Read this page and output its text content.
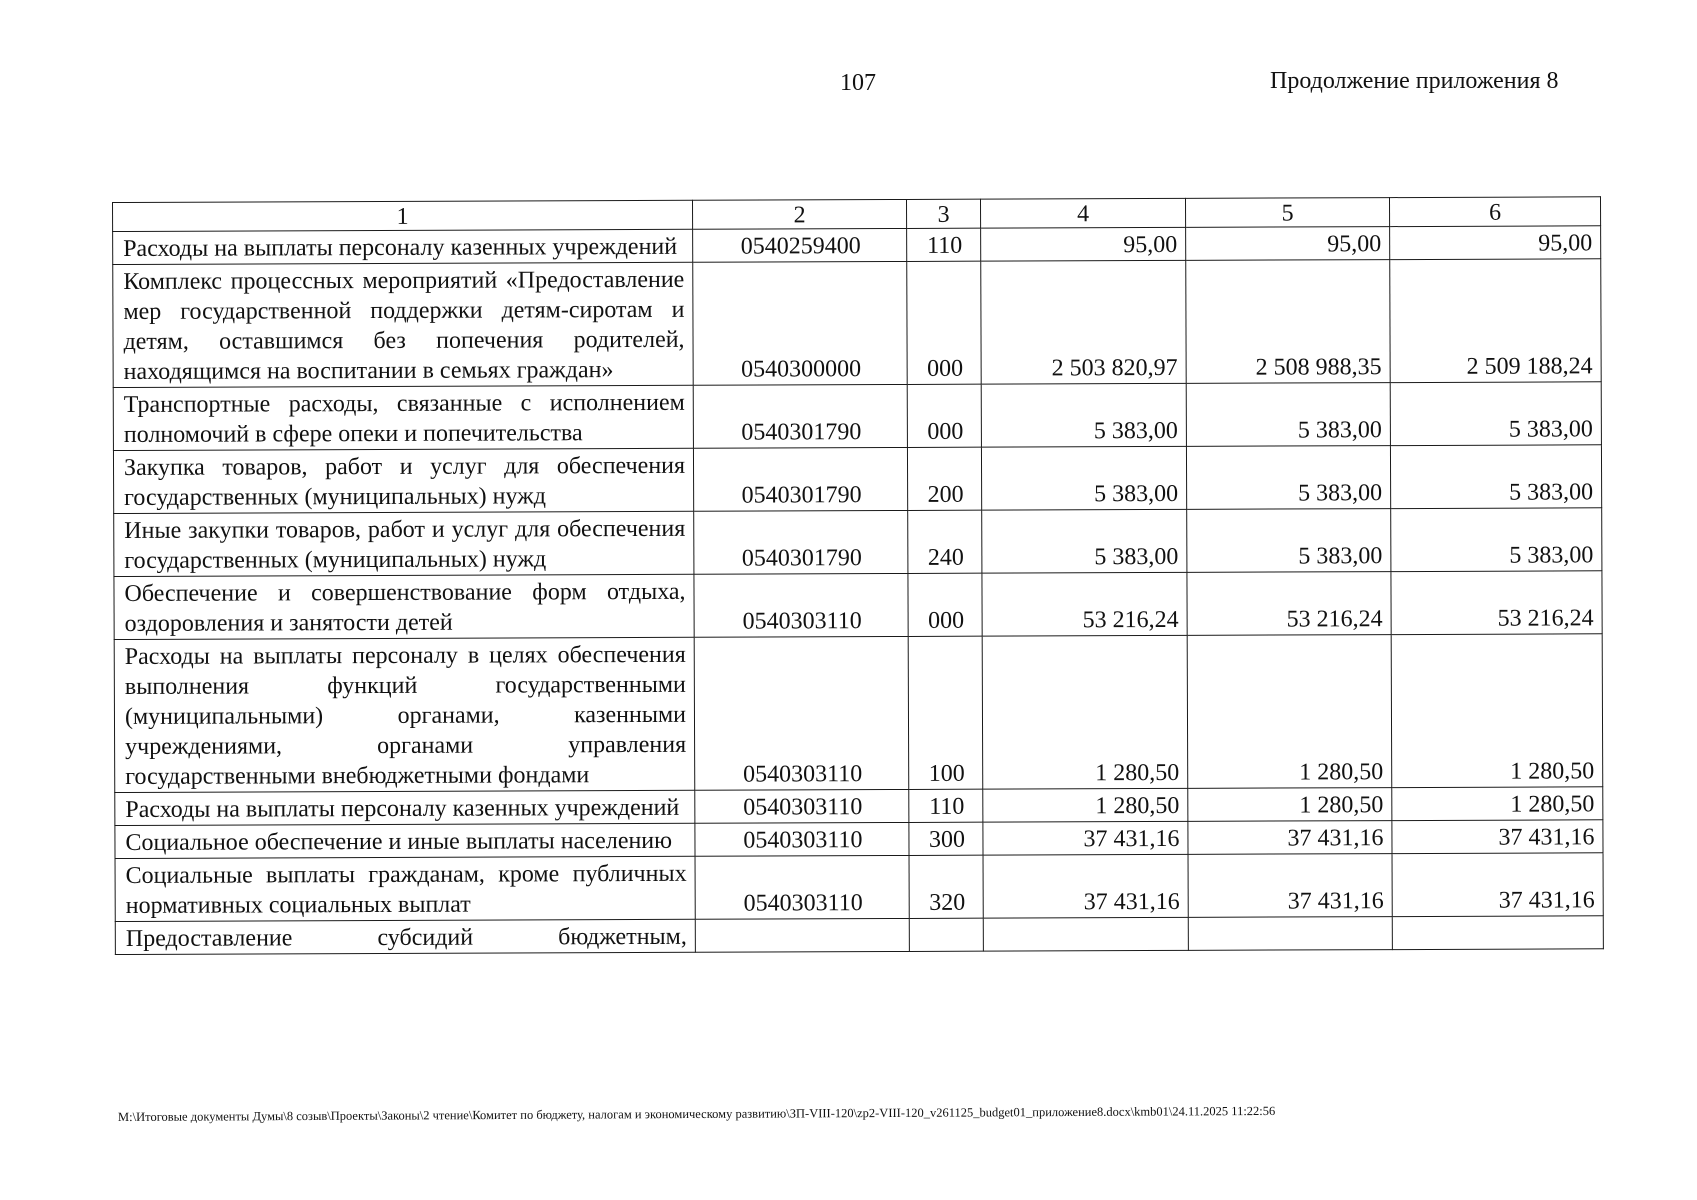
107	Продолжение приложения 8
1	2	3	4	5	6
Расходы на выплаты персоналу казенных учреждений	0540259400	110	95,00	95,00	95,00
Комплекс процессных мероприятий «Предоставление мер государственной поддержки детям-сиротам и детям, оставшимся без попечения родителей, находящимся на воспитании в семьях граждан»	0540300000	000	2 503 820,97	2 508 988,35	2 509 188,24
Транспортные расходы, связанные с исполнением полномочий в сфере опеки и попечительства	0540301790	000	5 383,00	5 383,00	5 383,00
Закупка товаров, работ и услуг для обеспечения государственных (муниципальных) нужд	0540301790	200	5 383,00	5 383,00	5 383,00
Иные закупки товаров, работ и услуг для обеспечения государственных (муниципальных) нужд	0540301790	240	5 383,00	5 383,00	5 383,00
Обеспечение и совершенствование форм отдыха, оздоровления и занятости детей	0540303110	000	53 216,24	53 216,24	53 216,24
Расходы на выплаты персоналу в целях обеспечения выполнения функций государственными (муниципальными) органами, казенными учреждениями, органами управления государственными внебюджетными фондами	0540303110	100	1 280,50	1 280,50	1 280,50
Расходы на выплаты персоналу казенных учреждений	0540303110	110	1 280,50	1 280,50	1 280,50
Социальное обеспечение и иные выплаты населению	0540303110	300	37 431,16	37 431,16	37 431,16
Социальные выплаты гражданам, кроме публичных нормативных социальных выплат	0540303110	320	37 431,16	37 431,16	37 431,16
Предоставление субсидий бюджетным,					
M:\Итоговые документы Думы\8 созыв\Проекты\Законы\2 чтение\Комитет по бюджету, налогам и экономическому развитию\ЗП-VIII-120\zp2-VIII-120_v261125_budget01_приложение8.docx\kmb01\24.11.2025 11:22:56
